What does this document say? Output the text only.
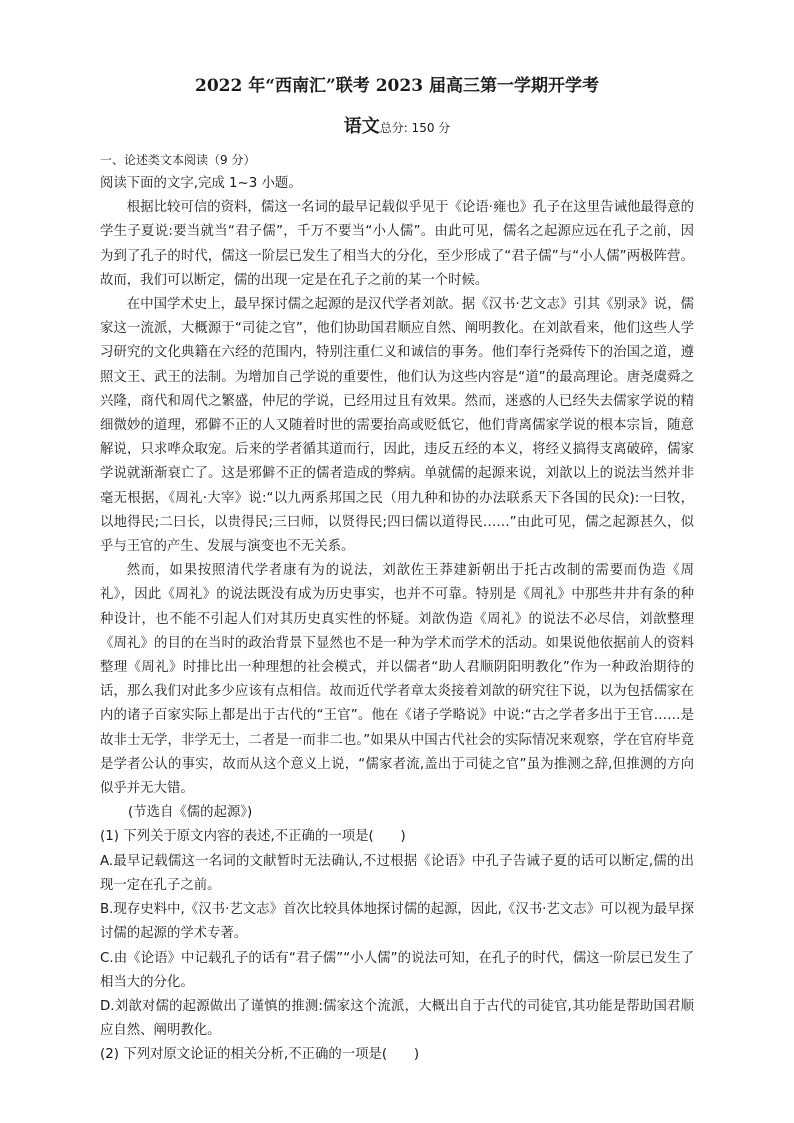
2022 年“西南汇”联考 2023 届高三第一学期开学考
语文总分: 150 分
一、论述类文本阅读（9 分）

阅读下面的文字,完成 1~3 小题。

根据比较可信的资料，儒这一名词的最早记载似乎见于《论语·雍也》孔子在这里告诫他最得意的学生子夏说:要当就当“君子儒”，千万不要当“小人儒”。由此可见，儒名之起源应远在孔子之前，因为到了孔子的时代，儒这一阶层已发生了相当大的分化，至少形成了“君子儒”与“小人儒”两极阵营。故而，我们可以断定，儒的出现一定是在孔子之前的某一个时候。

在中国学术史上，最早探讨儒之起源的是汉代学者刘歆。据《汉书·艺文志》引其《别录》说，儒家这一流派，大概源于“司徒之官”，他们协助国君顺应自然、阐明教化。在刘歆看来，他们这些人学习研究的文化典籍在六经的范围内，特别注重仁义和诚信的事务。他们奉行尧舜传下的治国之道，遵照文王、武王的法制。为增加自己学说的重要性，他们认为这些内容是“道”的最高理论。唐尧虞舜之兴隆，商代和周代之繁盛，仲尼的学说，已经用过且有效果。然而，迷惑的人已经失去儒家学说的精细微妙的道理，邪僻不正的人又随着时世的需要抬高或贬低它，他们背离儒家学说的根本宗旨，随意解说，只求哗众取宠。后来的学者循其道而行，因此，违反五经的本义，将经义搞得支离破碎，儒家学说就渐渐衰亡了。这是邪僻不正的儒者造成的弊病。单就儒的起源来说，刘歆以上的说法当然并非毫无根据，《周礼·大宰》说:“以九两系邦国之民（用九种和协的办法联系天下各国的民众):一曰牧，以地得民;二曰长，以贵得民;三曰师，以贤得民;四曰儒以道得民……”由此可见，儒之起源甚久，似乎与王官的产生、发展与演变也不无关系。

然而，如果按照清代学者康有为的说法，刘歆佐王莽建新朝出于托古改制的需要而伪造《周礼》，因此《周礼》的说法既没有成为历史事实，也并不可靠。特别是《周礼》中那些井井有条的种种设计，也不能不引起人们对其历史真实性的怀疑。刘歆伪造《周礼》的说法不必尽信，刘歆整理《周礼》的目的在当时的政治背景下显然也不是一种为学术而学术的活动。如果说他依据前人的资料整理《周礼》时排比出一种理想的社会模式，并以儒者“助人君顺阴阳明教化”作为一种政治期待的话，那么我们对此多少应该有点相信。故而近代学者章太炎接着刘歆的研究往下说，以为包括儒家在内的诸子百家实际上都是出于古代的“王官”。他在《诸子学略说》中说:“古之学者多出于王官……是故非士无学，非学无士，二者是一而非二也。”如果从中国古代社会的实际情况来观察，学在官府毕竟是学者公认的事实，故而从这个意义上说，“儒家者流,盖出于司徒之官”虽为推测之辞,但推测的方向似乎并无大错。

(节选自《儒的起源》)

(1) 下列关于原文内容的表述,不正确的一项是(　　)

A.最早记载儒这一名词的文献暂时无法确认,不过根据《论语》中孔子告诫子夏的话可以断定,儒的出现一定在孔子之前。

B.现存史料中,《汉书·艺文志》首次比较具体地探讨儒的起源，因此,《汉书·艺文志》可以视为最早探讨儒的起源的学术专著。

C.由《论语》中记载孔子的话有“君子儒”“小人儒”的说法可知，在孔子的时代，儒这一阶层已发生了相当大的分化。

D.刘歆对儒的起源做出了谨慎的推测:儒家这个流派，大概出自于古代的司徒官,其功能是帮助国君顺应自然、阐明教化。

(2) 下列对原文论证的相关分析,不正确的一项是(　　)
